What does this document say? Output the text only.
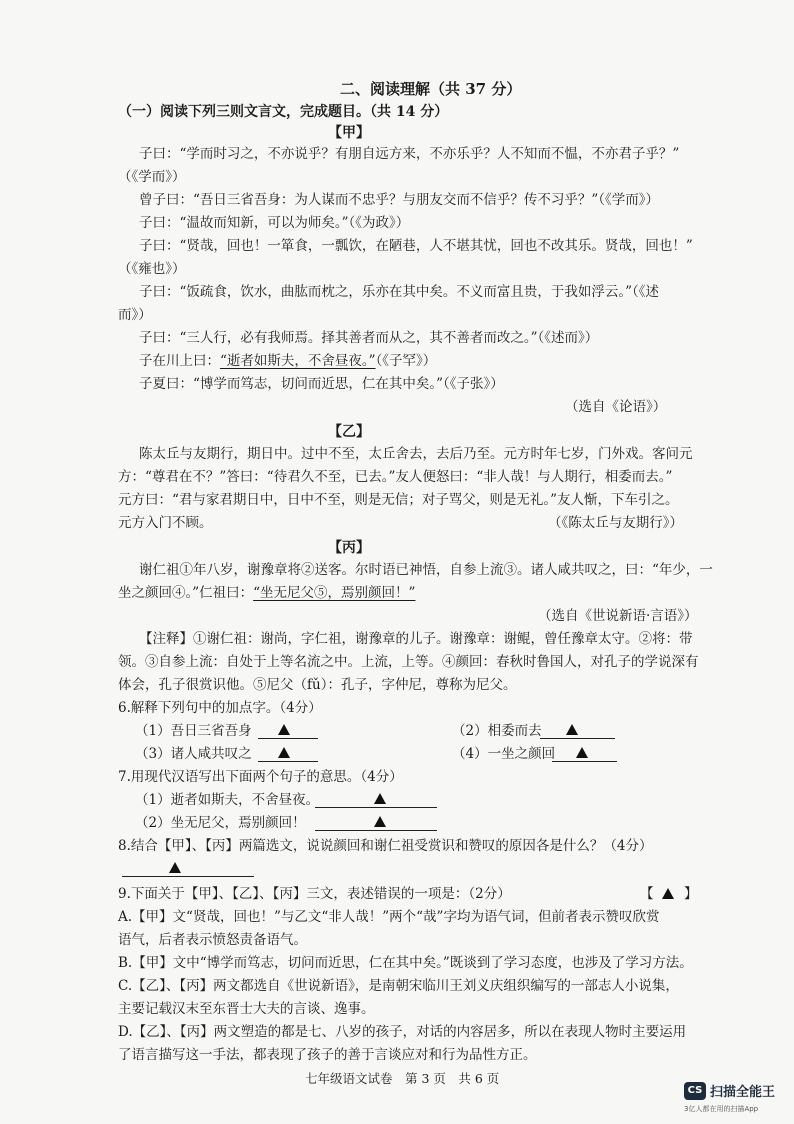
二、阅读理解（共 37 分）
（一）阅读下列三则文言文，完成题目。（共 14 分）
【甲】
子曰：“学而时习之，不亦说乎？有朋自远方来，不亦乐乎？人不知而不愠，不亦君子乎？”
（《学而》）
曾子曰：“吾日三省吾身：为人谋而不忠乎？与朋友交而不信乎？传不习乎？”（《学而》）
子曰：“温故而知新，可以为师矣。”（《为政》）
子曰：“贤哉，回也！一箪食，一瓢饮，在陋巷，人不堪其忧，回也不改其乐。贤哉，回也！”
（《雍也》）
子曰：“饭疏食，饮水，曲肱而枕之，乐亦在其中矣。不义而富且贵，于我如浮云。”（《述
而》）
子曰：“三人行，必有我师焉。择其善者而从之，其不善者而改之。”（《述而》）
子在川上曰：“逝者如斯夫，不舍昼夜。”（《子罕》）
子夏曰：“博学而笃志，切问而近思，仁在其中矣。”（《子张》）
（选自《论语》）
【乙】
陈太丘与友期行，期日中。过中不至，太丘舍去，去后乃至。元方时年七岁，门外戏。客问元
方：“尊君在不？”答曰：“待君久不至，已去。”友人便怒曰：“非人哉！与人期行，相委而去。”
元方曰：“君与家君期日中，日中不至，则是无信；对子骂父，则是无礼。”友人惭，下车引之。
元方入门不顾。	（《陈太丘与友期行》）
【丙】
谢仁祖①年八岁，谢豫章将②送客。尔时语已神悟，自参上流③。诸人咸共叹之，曰：“年少，一
坐之颜回④。”仁祖曰：“坐无尼父⑤，焉别颜回！”
（选自《世说新语·言语》）
【注释】①谢仁祖：谢尚，字仁祖，谢豫章的儿子。谢豫章：谢鲲，曾任豫章太守。②将：带
领。③自参上流：自处于上等名流之中。上流，上等。④颜回：春秋时鲁国人，对孔子的学说深有
体会，孔子很赏识他。⑤尼父（fǔ）：孔子，字仲尼，尊称为尼父。
6.解释下列句中的加点字。（4分）
（1）吾日三省吾身	（2）相委而去
（3）诸人咸共叹之	（4）一坐之颜回
7.用现代汉语写出下面两个句子的意思。（4分）
（1）逝者如斯夫，不舍昼夜。
（2）坐无尼父，焉别颜回！
8.结合【甲】、【丙】两篇选文，说说颜回和谢仁祖受赏识和赞叹的原因各是什么？（4分）
9.下面关于【甲】、【乙】、【丙】三文，表述错误的一项是：（2分）	【 】
A.【甲】文“贤哉，回也！”与乙文“非人哉！”两个“哉”字均为语气词，但前者表示赞叹欣赏
语气，后者表示愤怒责备语气。
B.【甲】文中“博学而笃志，切问而近思，仁在其中矣。”既谈到了学习态度，也涉及了学习方法。
C.【乙】、【丙】两文都选自《世说新语》，是南朝宋临川王刘义庆组织编写的一部志人小说集，
主要记载汉末至东晋士大夫的言谈、逸事。
D.【乙】、【丙】两文塑造的都是七、八岁的孩子，对话的内容居多，所以在表现人物时主要运用
了语言描写这一手法，都表现了孩子的善于言谈应对和行为品性方正。
七年级语文试卷　第 3 页　共 6 页
CS 扫描全能王
3亿人都在用的扫描App
